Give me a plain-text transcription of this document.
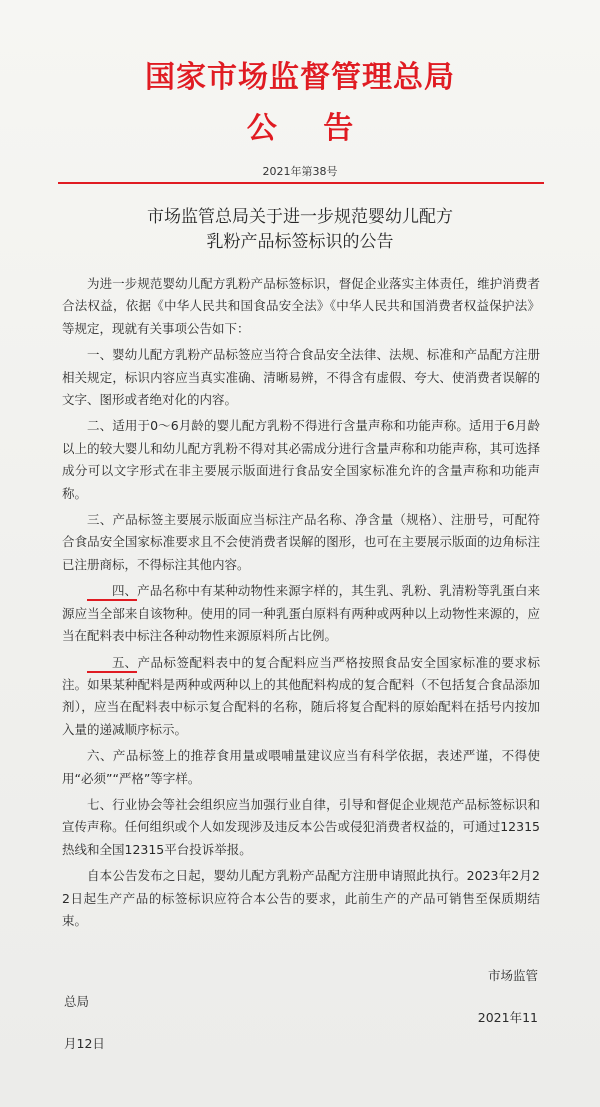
国家市场监督管理总局
公 告
2021年第38号
市场监管总局关于进一步规范婴幼儿配方
乳粉产品标签标识的公告

为进一步规范婴幼儿配方乳粉产品标签标识，督促企业落实主体责任，维护消费者合法权益，依据《中华人民共和国食品安全法》《中华人民共和国消费者权益保护法》等规定，现就有关事项公告如下：

一、婴幼儿配方乳粉产品标签应当符合食品安全法律、法规、标准和产品配方注册相关规定，标识内容应当真实准确、清晰易辨，不得含有虚假、夸大、使消费者误解的文字、图形或者绝对化的内容。

二、适用于0～6月龄的婴儿配方乳粉不得进行含量声称和功能声称。适用于6月龄以上的较大婴儿和幼儿配方乳粉不得对其必需成分进行含量声称和功能声称，其可选择成分可以文字形式在非主要展示版面进行食品安全国家标准允许的含量声称和功能声称。

三、产品标签主要展示版面应当标注产品名称、净含量（规格）、注册号，可配符合食品安全国家标准要求且不会使消费者误解的图形，也可在主要展示版面的边角标注已注册商标，不得标注其他内容。

四、产品名称中有某种动物性来源字样的，其生乳、乳粉、乳清粉等乳蛋白来源应当全部来自该物种。使用的同一种乳蛋白原料有两种或两种以上动物性来源的，应当在配料表中标注各种动物性来源原料所占比例。

五、产品标签配料表中的复合配料应当严格按照食品安全国家标准的要求标注。如果某种配料是两种或两种以上的其他配料构成的复合配料（不包括复合食品添加剂），应当在配料表中标示复合配料的名称，随后将复合配料的原始配料在括号内按加入量的递减顺序标示。

六、产品标签上的推荐食用量或喂哺量建议应当有科学依据，表述严谨，不得使用“必须”“严格”等字样。

七、行业协会等社会组织应当加强行业自律，引导和督促企业规范产品标签标识和宣传声称。任何组织或个人如发现涉及违反本公告或侵犯消费者权益的，可通过12315热线和全国12315平台投诉举报。

自本公告发布之日起，婴幼儿配方乳粉产品配方注册申请照此执行。2023年2月22日起生产产品的标签标识应符合本公告的要求，此前生产的产品可销售至保质期结束。

市场监管
总局
2021年11
月12日
